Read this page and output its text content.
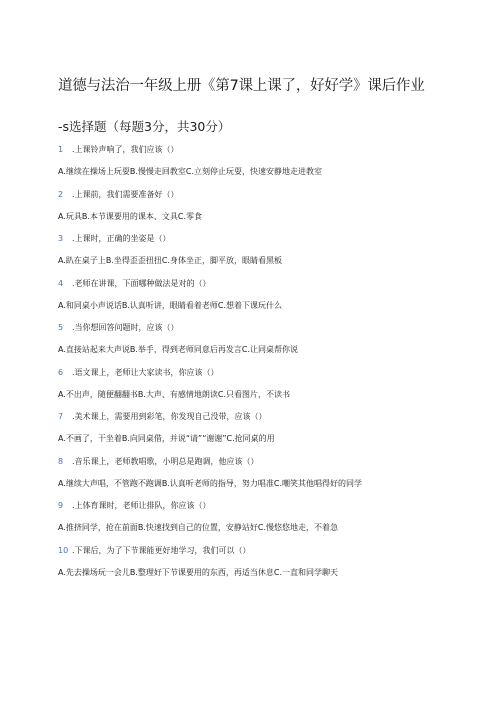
道德与法治一年级上册《第7课上课了，好好学》课后作业
-s选择题（每题3分，共30分）
1	.上课铃声响了，我们应该（）
A.继续在操场上玩耍B.慢慢走回教室C.立刻停止玩耍，快速安静地走进教室
2	.上课前，我们需要准备好（）
A.玩具B.本节课要用的课本、文具C.零食
3	.上课时，正确的坐姿是（）
A.趴在桌子上B.坐得歪歪扭扭C.身体坐正，脚平放，眼睛看黑板
4	.老师在讲课，下面哪种做法是对的（）
A.和同桌小声说话B.认真听讲，眼睛看着老师C.想着下课玩什么
5	.当你想回答问题时，应该（）
A.直接站起来大声说B.举手，得到老师同意后再发言C.让同桌帮你说
6	.语文课上，老师让大家读书，你应该（）
A.不出声，随便翻翻书B.大声、有感情地朗读C.只看图片，不读书
7	.美术课上，需要用到彩笔，你发现自己没带，应该（）
A.不画了，干坐着B.向同桌借，并说“请”“谢谢”C.抢同桌的用
8	.音乐课上，老师教唱歌，小明总是跑调，他应该（）
A.继续大声唱，不管跑不跑调B.认真听老师的指导，努力唱准C.嘲笑其他唱得好的同学
9	.上体育课时，老师让排队，你应该（）
A.推挤同学，抢在前面B.快速找到自己的位置，安静站好C.慢悠悠地走，不着急
10 .下课后，为了下节课能更好地学习，我们可以（）
A.先去操场玩一会儿B.整理好下节课要用的东西，再适当休息C.一直和同学聊天
